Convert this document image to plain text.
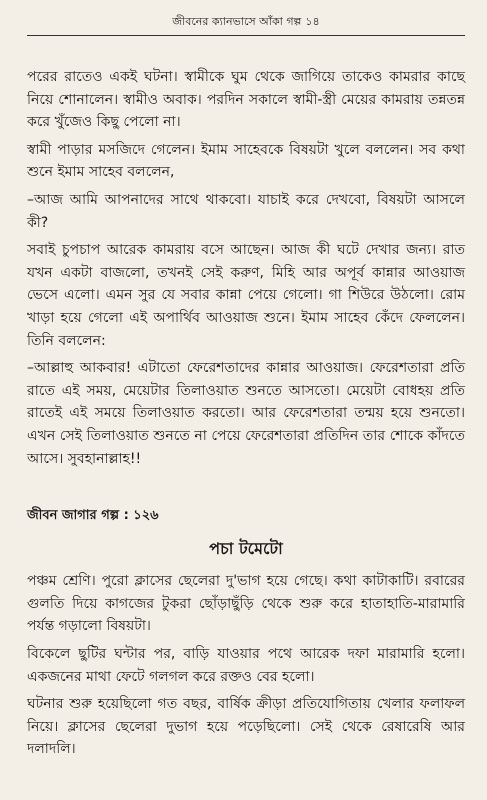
জীবনের ক্যানভাসে আঁকা গল্প ১৪

পরের রাতেও একই ঘটনা। স্বামীকে ঘুম থেকে জাগিয়ে তাকেও কামরার কাছে নিয়ে শোনালেন। স্বামীও অবাক। পরদিন সকালে স্বামী-স্ত্রী মেয়ের কামরায় তন্নতন্ন করে খুঁজেও কিছু পেলো না।

স্বামী পাড়ার মসজিদে গেলেন। ইমাম সাহেবকে বিষয়টা খুলে বললেন। সব কথা শুনে ইমাম সাহেব বললেন,

–আজ আমি আপনাদের সাথে থাকবো। যাচাই করে দেখবো, বিষয়টা আসলে কী?

সবাই চুপচাপ আরেক কামরায় বসে আছেন। আজ কী ঘটে দেখার জন্য। রাত যখন একটা বাজলো, তখনই সেই করুণ, মিহি আর অপূর্ব কান্নার আওয়াজ ভেসে এলো। এমন সুর যে সবার কান্না পেয়ে গেলো। গা শিউরে উঠলো। রোম খাড়া হয়ে গেলো এই অপার্থিব আওয়াজ শুনে। ইমাম সাহেব কেঁদে ফেললেন। তিনি বললেন:

–আল্লাহু আকবার! এটাতো ফেরেশতাদের কান্নার আওয়াজ। ফেরেশতারা প্রতি রাতে এই সময়, মেয়েটার তিলাওয়াত শুনতে আসতো। মেয়েটা বোধহয় প্রতি রাতেই এই সময়ে তিলাওয়াত করতো। আর ফেরেশতারা তন্ময় হয়ে শুনতো। এখন সেই তিলাওয়াত শুনতে না পেয়ে ফেরেশতারা প্রতিদিন তার শোকে কাঁদতে আসে। সুবহানাল্লাহ!!

জীবন জাগার গল্প : ১২৬
পচা টমেটো

পঞ্চম শ্রেণি। পুরো ক্লাসের ছেলেরা দু'ভাগ হয়ে গেছে। কথা কাটাকাটি। রবারের গুলতি দিয়ে কাগজের টুকরা ছোঁড়াছুঁড়ি থেকে শুরু করে হাতাহাতি-মারামারি পর্যন্ত গড়ালো বিষয়টা।

বিকেলে ছুটির ঘন্টার পর, বাড়ি যাওয়ার পথে আরেক দফা মারামারি হলো। একজনের মাথা ফেটে গলগল করে রক্তও বের হলো।

ঘটনার শুরু হয়েছিলো গত বছর, বার্ষিক ক্রীড়া প্রতিযোগিতায় খেলার ফলাফল নিয়ে। ক্লাসের ছেলেরা দুভাগ হয়ে পড়েছিলো। সেই থেকে রেষারেষি আর দলাদলি।
